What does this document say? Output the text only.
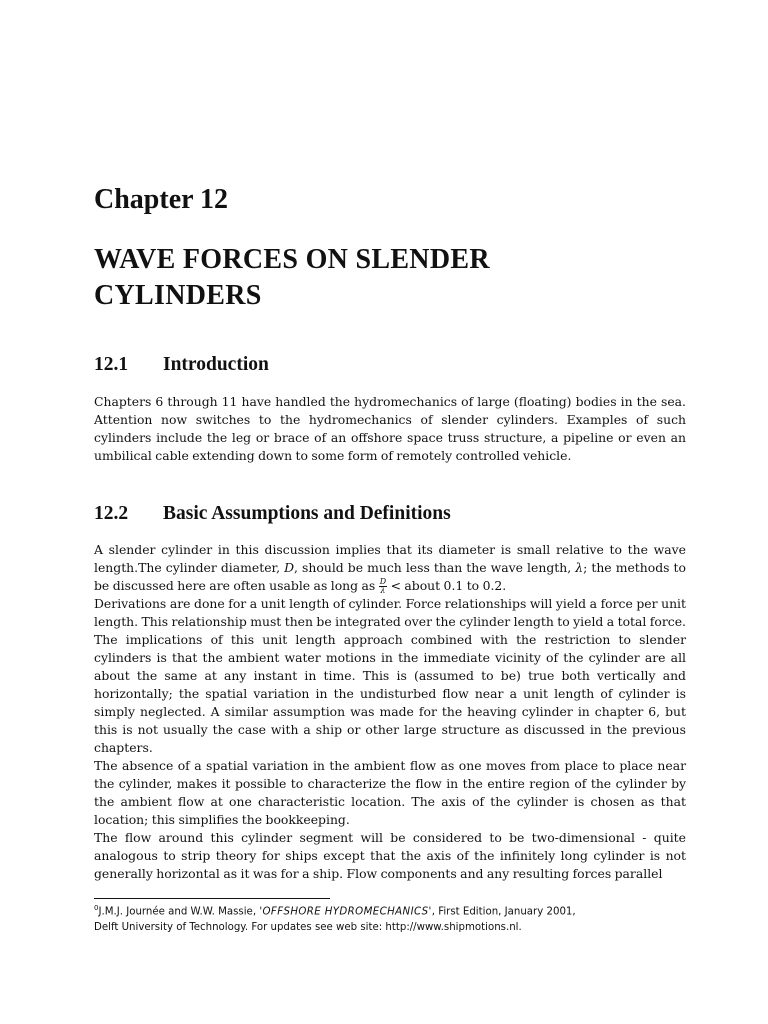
Chapter 12
WAVE FORCES ON SLENDER
CYLINDERS
12.1 Introduction

Chapters 6 through 11 have handled the hydromechanics of large (floating) bodies in the sea. Attention now switches to the hydromechanics of slender cylinders. Examples of such cylinders include the leg or brace of an offshore space truss structure, a pipeline or even an umbilical cable extending down to some form of remotely controlled vehicle.

12.2 Basic Assumptions and Definitions

A slender cylinder in this discussion implies that its diameter is small relative to the wave length.The cylinder diameter, D, should be much less than the wave length, λ; the methods to be discussed here are often usable as long as $\frac{D}{\lambda}$ < about 0.1 to 0.2.

Derivations are done for a unit length of cylinder. Force relationships will yield a force per unit length. This relationship must then be integrated over the cylinder length to yield a total force. The implications of this unit length approach combined with the restriction to slender cylinders is that the ambient water motions in the immediate vicinity of the cylinder are all about the same at any instant in time. This is (assumed to be) true both vertically and horizontally; the spatial variation in the undisturbed flow near a unit length of cylinder is simply neglected. A similar assumption was made for the heaving cylinder in chapter 6, but this is not usually the case with a ship or other large structure as discussed in the previous chapters.

The absence of a spatial variation in the ambient flow as one moves from place to place near the cylinder, makes it possible to characterize the flow in the entire region of the cylinder by the ambient flow at one characteristic location. The axis of the cylinder is chosen as that location; this simplifies the bookkeeping.

The flow around this cylinder segment will be considered to be two-dimensional - quite analogous to strip theory for ships except that the axis of the infinitely long cylinder is not generally horizontal as it was for a ship. Flow components and any resulting forces parallel

$^0$J.M.J. Journée and W.W. Massie, 'OFFSHORE HYDROMECHANICS', First Edition, January 2001,
Delft University of Technology. For updates see web site: http://www.shipmotions.nl.
